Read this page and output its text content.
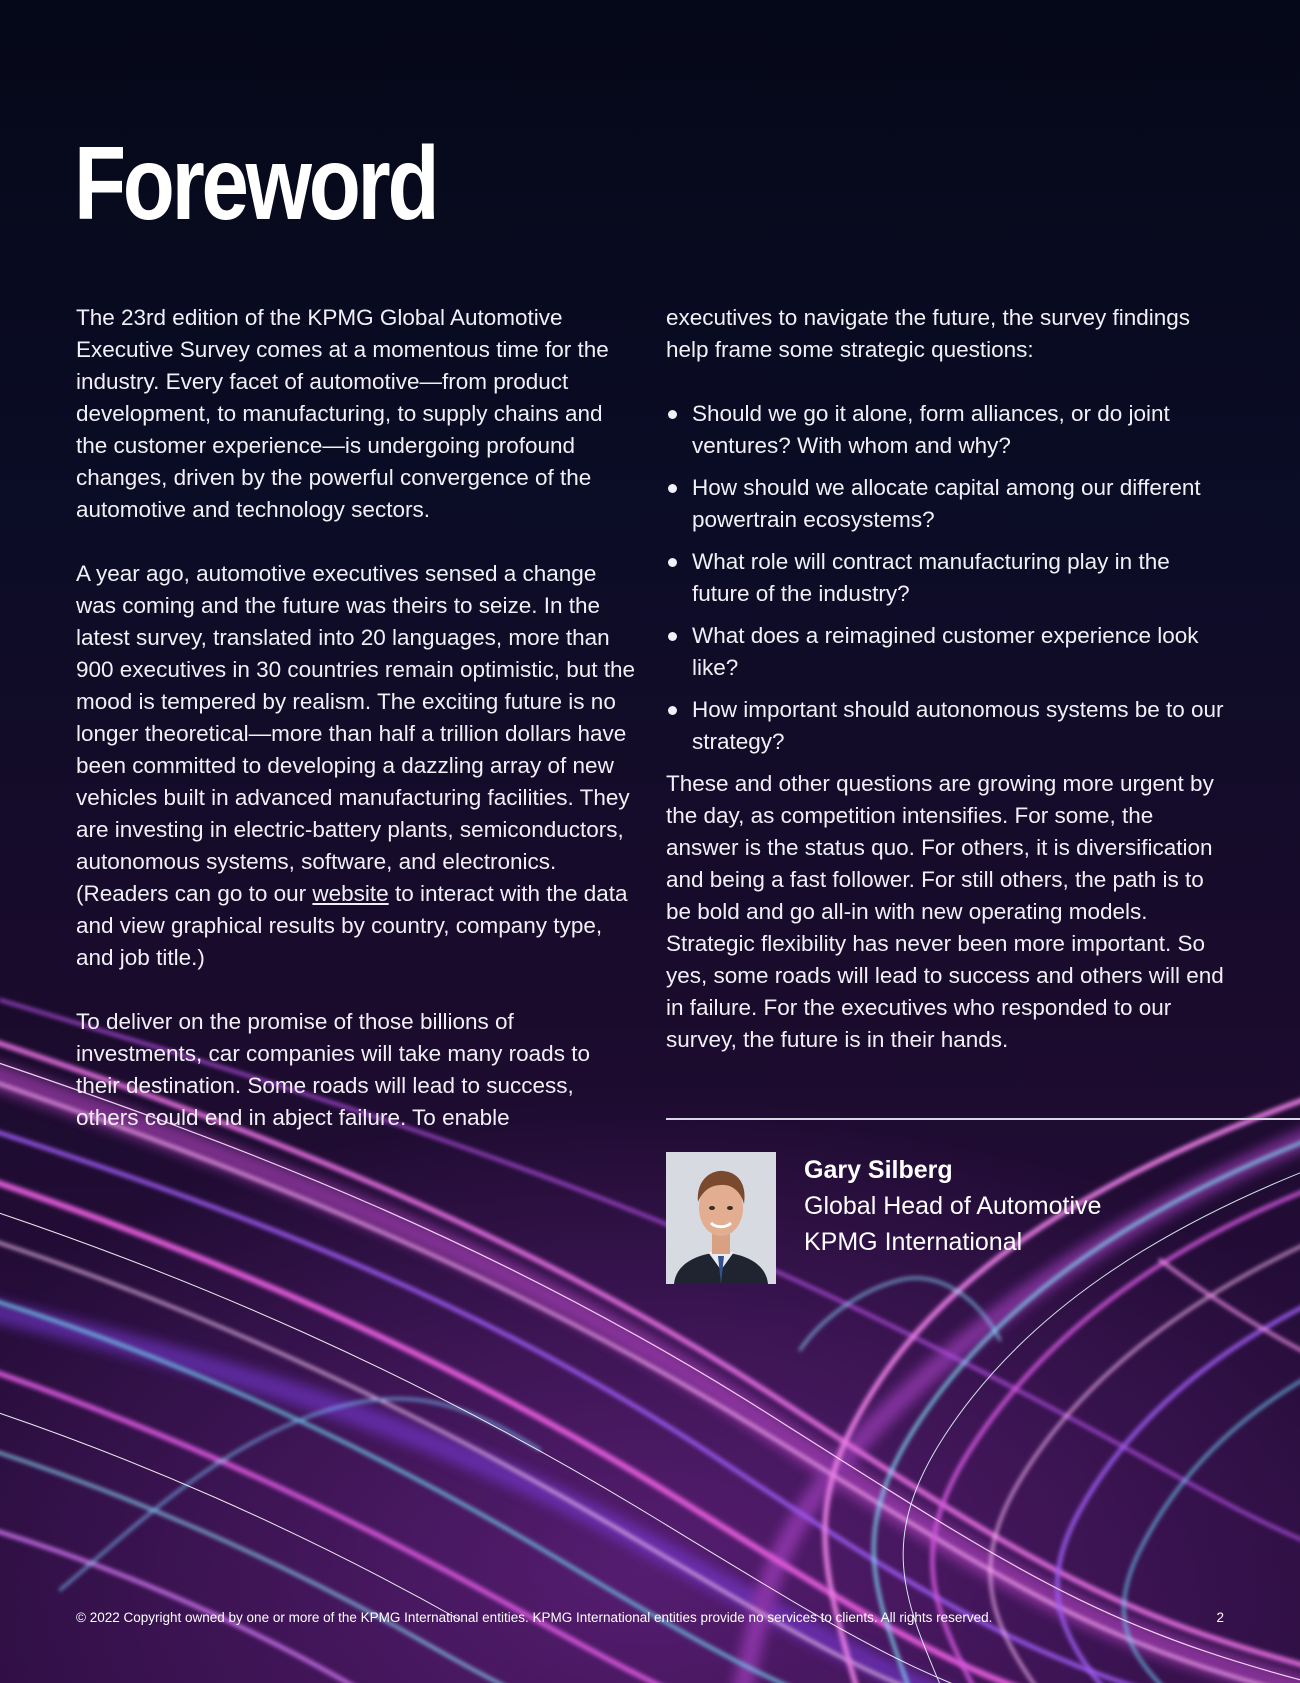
Foreword

The 23rd edition of the KPMG Global Automotive Executive Survey comes at a momentous time for the industry. Every facet of automotive—from product development, to manufacturing, to supply chains and the customer experience—is undergoing profound changes, driven by the powerful convergence of the automotive and technology sectors.

A year ago, automotive executives sensed a change was coming and the future was theirs to seize. In the latest survey, translated into 20 languages, more than 900 executives in 30 countries remain optimistic, but the mood is tempered by realism. The exciting future is no longer theoretical—more than half a trillion dollars have been committed to developing a dazzling array of new vehicles built in advanced manufacturing facilities. They are investing in electric-battery plants, semiconductors, autonomous systems, software, and electronics. (Readers can go to our website to interact with the data and view graphical results by country, company type, and job title.)

To deliver on the promise of those billions of investments, car companies will take many roads to their destination. Some roads will lead to success, others could end in abject failure. To enable

executives to navigate the future, the survey findings help frame some strategic questions:

Should we go it alone, form alliances, or do joint ventures? With whom and why?
How should we allocate capital among our different powertrain ecosystems?
What role will contract manufacturing play in the future of the industry?
What does a reimagined customer experience look like?
How important should autonomous systems be to our strategy?

These and other questions are growing more urgent by the day, as competition intensifies. For some, the answer is the status quo. For others, it is diversification and being a fast follower. For still others, the path is to be bold and go all-in with new operating models. Strategic flexibility has never been more important. So yes, some roads will lead to success and others will end in failure. For the executives who responded to our survey, the future is in their hands.

Gary Silberg
Global Head of Automotive
KPMG International
© 2022 Copyright owned by one or more of the KPMG International entities. KPMG International entities provide no services to clients. All rights reserved.	2
